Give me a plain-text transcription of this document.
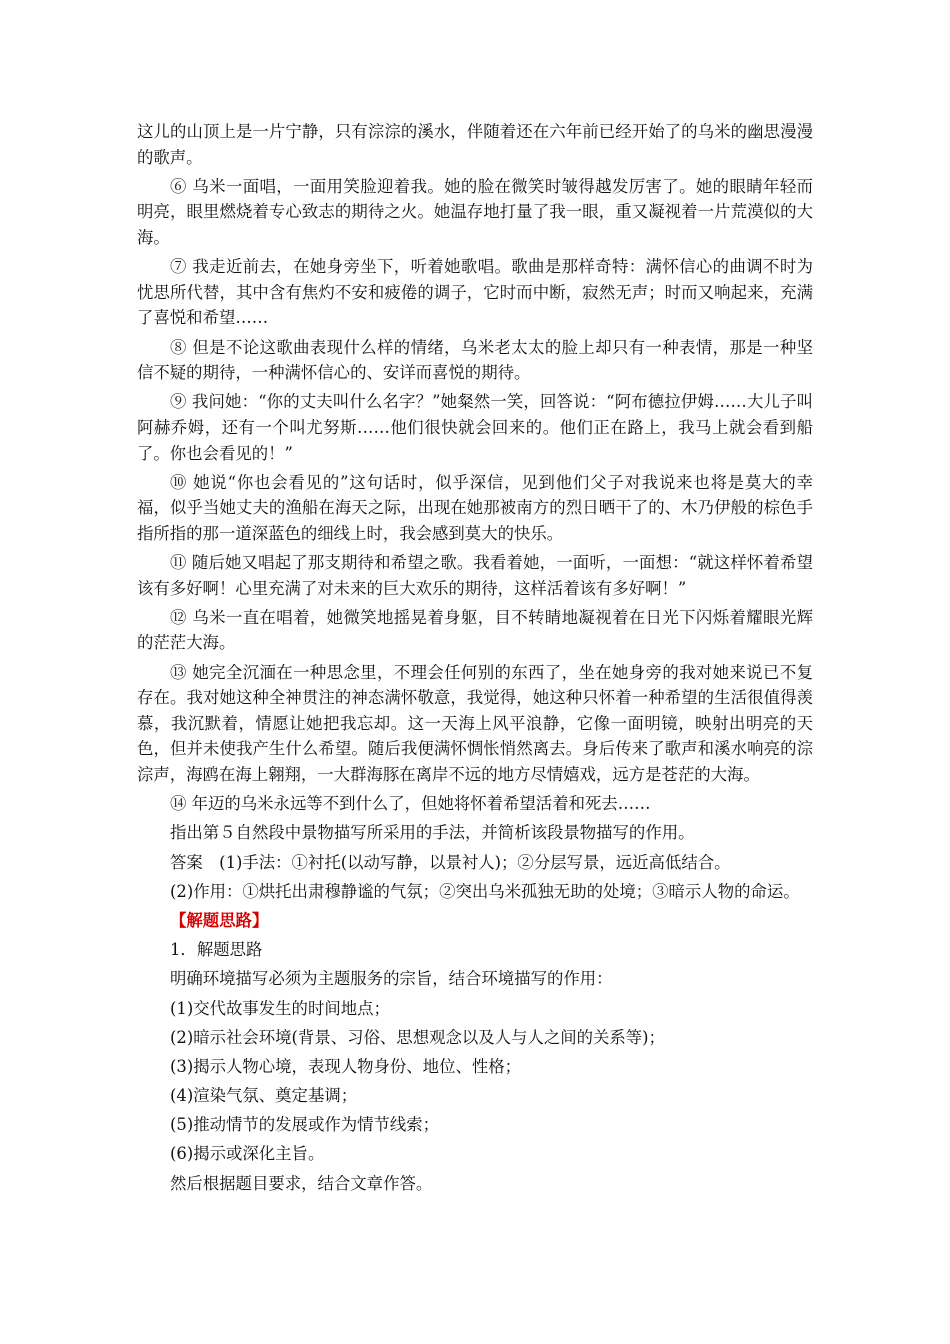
这儿的山顶上是一片宁静，只有淙淙的溪水，伴随着还在六年前已经开始了的乌米的幽思漫漫的歌声。

⑥ 乌米一面唱，一面用笑脸迎着我。她的脸在微笑时皱得越发厉害了。她的眼睛年轻而明亮，眼里燃烧着专心致志的期待之火。她温存地打量了我一眼，重又凝视着一片荒漠似的大海。

⑦ 我走近前去，在她身旁坐下，听着她歌唱。歌曲是那样奇特：满怀信心的曲调不时为忧思所代替，其中含有焦灼不安和疲倦的调子，它时而中断，寂然无声；时而又响起来，充满了喜悦和希望……

⑧ 但是不论这歌曲表现什么样的情绪，乌米老太太的脸上却只有一种表情，那是一种坚信不疑的期待，一种满怀信心的、安详而喜悦的期待。

⑨ 我问她：“你的丈夫叫什么名字？”她粲然一笑，回答说：“阿布德拉伊姆……大儿子叫阿赫乔姆，还有一个叫尤努斯……他们很快就会回来的。他们正在路上，我马上就会看到船了。你也会看见的！”

⑩ 她说“你也会看见的”这句话时，似乎深信，见到他们父子对我说来也将是莫大的幸福，似乎当她丈夫的渔船在海天之际，出现在她那被南方的烈日晒干了的、木乃伊般的棕色手指所指的那一道深蓝色的细线上时，我会感到莫大的快乐。

⑪ 随后她又唱起了那支期待和希望之歌。我看着她，一面听，一面想：“就这样怀着希望该有多好啊！心里充满了对未来的巨大欢乐的期待，这样活着该有多好啊！”

⑫ 乌米一直在唱着，她微笑地摇晃着身躯，目不转睛地凝视着在日光下闪烁着耀眼光辉的茫茫大海。

⑬ 她完全沉湎在一种思念里，不理会任何别的东西了，坐在她身旁的我对她来说已不复存在。我对她这种全神贯注的神态满怀敬意，我觉得，她这种只怀着一种希望的生活很值得羡慕，我沉默着，情愿让她把我忘却。这一天海上风平浪静，它像一面明镜，映射出明亮的天色，但并未使我产生什么希望。随后我便满怀惆怅悄然离去。身后传来了歌声和溪水响亮的淙淙声，海鸥在海上翱翔，一大群海豚在离岸不远的地方尽情嬉戏，远方是苍茫的大海。

⑭ 年迈的乌米永远等不到什么了，但她将怀着希望活着和死去……

指出第５自然段中景物描写所采用的手法，并简析该段景物描写的作用。

答案　(1)手法：①衬托(以动写静，以景衬人)；②分层写景，远近高低结合。

(2)作用：①烘托出肃穆静谧的气氛；②突出乌米孤独无助的处境；③暗示人物的命运。

【解题思路】

1．解题思路

明确环境描写必须为主题服务的宗旨，结合环境描写的作用：

(1)交代故事发生的时间地点；

(2)暗示社会环境(背景、习俗、思想观念以及人与人之间的关系等)；

(3)揭示人物心境，表现人物身份、地位、性格；

(4)渲染气氛、奠定基调；

(5)推动情节的发展或作为情节线索；

(6)揭示或深化主旨。

然后根据题目要求，结合文章作答。
